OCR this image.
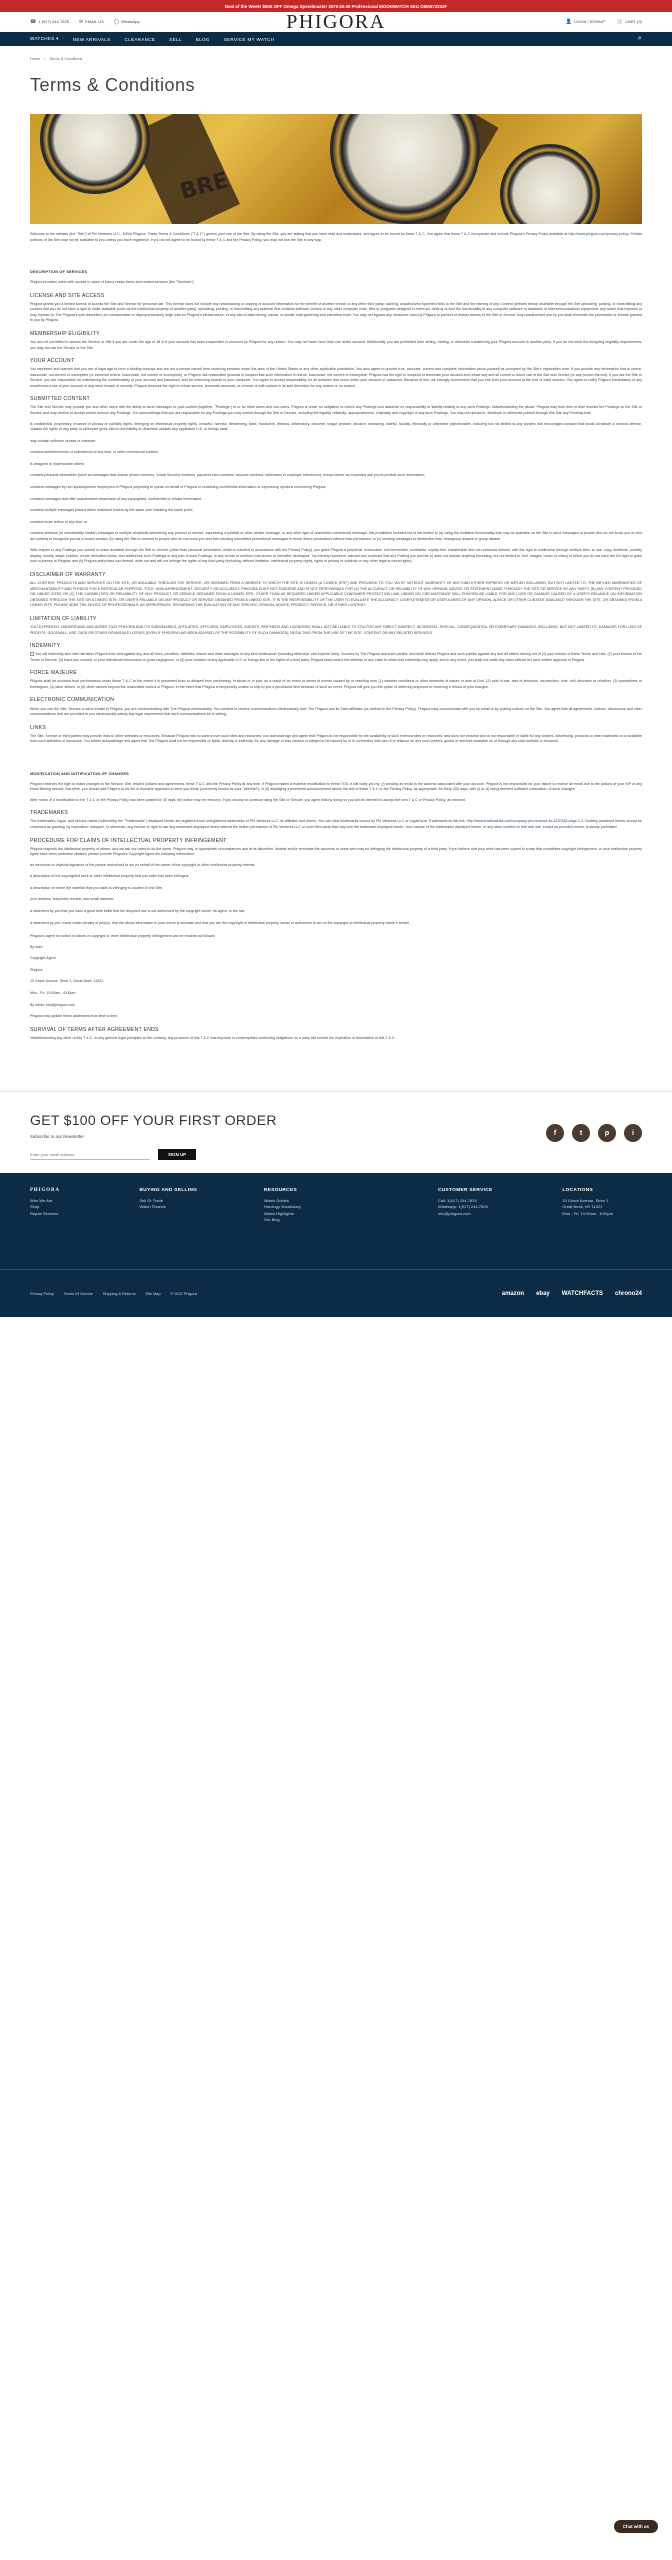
Deal of the Week! $500 OFF Omega Speedmaster 3570.50.00 Professional MOONWATCH SKU OM0572202F
☎ 1 (917) 244-7825 ✉ EMAIL US ◯ WhatsApp	PHIGORA	👤 LOGIN / SIGNUP 🛒 CART (0)
WATCHES ▾	NEW ARRIVALS	CLEARANCE	SELL	BLOG	SERVICE MY WATCH	⌕
Home › Terms & Conditions
Terms & Conditions
BRE

Welcome to the website (the "Site") of Phi Ventures LLC., D/B/A Phigora. These Terms & Conditions ("T & C") govern your use of the Site. By using the Site, you are stating that you have read and understand, and agree to be bound by these T & C. You agree that these T & C incorporate and include Phigora's Privacy Policy available at http://www.phigora.com/privacy-policy. Certain portions of the Site may not be available to you unless you have registered. If you do not agree to be bound by these T & C and the Privacy Policy, you may not use the Site in any way.

DESCRIPTION OF SERVICES

Phigora provides users with access to sales of luxury resale items and related services (the "Services").

LICENSE AND SITE ACCESS

Phigora grants you a limited license to access the Site and Service for personal use. This license does not include any downloading or copying of account information for the benefit of another vendor or any other third party; caching, unauthorized hypertext links to the Site and the framing of any Content (defined below) available through the Site uploading, posting, or transmitting any content that you do not have a right to make available (such as the intellectual property of another party); uploading, posting, or transmitting any material that contains software viruses or any other computer code, files or programs designed to interrupt, destroy or limit the functionality of any computer software or hardware or telecommunications equipment; any action that imposes or may impose (in The Phigora's sole discretion) an unreasonable or disproportionately large load on Phigora's infrastructure; or any use of data mining, robots, or similar data gathering and extraction tools. You may not bypass any measures used by Phigora to prevent or restrict access to the Site or Service. Any unauthorized use by you shall terminate the permission or license granted to you by Phigora.

MEMBERSHIP ELIGIBILITY

You are not permitted to access the Service or Site if you are under the age of 18 or if your account has been suspended or removed by Phigora for any reason. You may not have more than one active account. Additionally, you are prohibited from selling, trading, or otherwise transferring your Phigora account to another party. If you do not meet the foregoing eligibility requirements, you may not use the Service or the Site.

YOUR ACCOUNT

You represent and warrant that you are of legal age to form a binding contract and are not a person barred from receiving services under the laws of the United States or any other applicable jurisdiction. You also agree to provide true, accurate, current and complete information about yourself as prompted by the Site's registration form. If you provide any information that is untrue, inaccurate, not current or incomplete (or becomes untrue, inaccurate, not current or incomplete), or Phigora has reasonable grounds to suspect that such information is untrue, inaccurate, not current or incomplete, Phigora has the right to suspend or terminate your account and refuse any and all current or future use of the Site and Service (or any portion thereof). If you use the Site or Service, you are responsible for maintaining the confidentiality of your account and password, and for restricting access to your computer. You agree to accept responsibility for all activities that occur under your account or password. Because of this, we strongly recommend that you exit from your account at the end of each session. You agree to notify Phigora immediately of any unauthorized use of your account or any other breach of security. Phigora reserves the right to refuse service, terminate accounts, or remove or edit content in its sole discretion for any reason or no reason.

SUBMITTED CONTENT

The Site and Service may provide you and other users with the ability to send messages or post content (together, "Postings") to or for other users and non-users. Phigora is under no obligation to review any Postings and assumes no responsibility or liability relating to any such Postings. Notwithstanding the above, Phigora may from time to time monitor the Postings on the Site or Service and may decline to accept and/or remove any Postings. You acknowledge that you are responsible for any Postings you may submit through the Site or Service, including the legality, reliability, appropriateness, originality and copyright of any such Postings. You may not upload to, distribute or otherwise publish through this Site any Postings that:

is confidential, proprietary, invasive of privacy or publicity rights, infringing on intellectual property rights, unlawful, harmful, threatening, false, fraudulent, libelous, defamatory, obscene, vulgar, profane, abusive, harassing, hateful, racially, ethnically or otherwise objectionable, including but not limited to any content that encourages conduct that would constitute a criminal offense, violates the rights of any party or otherwise gives rise to civil liability or otherwise violates any applicable U.S. or foreign laws;

may contain software viruses or malware;

contains advertisements or solicitations of any kind, or other commercial content;

is designed to impersonate others;

contains personal information (such as messages that include phone numbers, Social Security numbers, payment card numbers, account numbers, addresses or employer references), except where we expressly ask you to provide such information;

contains messages by non-spokesperson employees of Phigora purporting to speak on behalf of Phigora or containing confidential information or expressing opinions concerning Phigora;

contains messages that offer unauthorized downloads of any copyrighted, confidential or private information;

contains multiple messages placed within individual folders by the same user restating the same point;

contains chain letters of any kind; or

contains identical (or substantially similar) messages to multiple recipients advertising any product or service, expressing a political or other similar message, or any other type of unsolicited commercial message; this prohibition includes but is not limited to (a) using the invitation functionality that may be available on the Site to send messages to people who do not know you or who are unlikely to recognize you as a known contact; (b) using the Site to connect to people who do not know you and then sending unsolicited promotional messages to those direct connections without their permission; or (c) sending messages to distribution lists, newsgroup aliases or group aliases.

With respect to any Postings you submit or make available through the Site or Service (other than personal information, which is handled in accordance with the Privacy Policy), you grant Phigora a perpetual, irrevocable, non-terminable, worldwide, royalty-free, transferable and non-exclusive license, with the right to sublicense through multiple tiers, to use, copy, distribute, publicly display, modify, adapt, publish, create derivative works, and sublicense such Postings or any part of such Postings, in any format or medium now known or hereafter developed. You hereby represent, warrant and covenant that any Posting you provide (i) does not include anything (including, but not limited to, text, images, music or video) to which you do not have the full right to grant such a license to Phigora; and (ii) Phigora authorized use thereof, does not and will not infringe the rights of any third party (including, without limitation, intellectual property rights, rights of privacy or publicity or any other legal or moral rights).

DISCLAIMER OF WARRANTY

ALL CONTENT, PRODUCTS AND SERVICES ON THE SITE, OR AVAILABLE THROUGH THE SERVICE, OR OBTAINED FROM A WEBSITE TO WHICH THE SITE IS LINKED (A "LINKED SITE") ARE PROVIDED TO YOU "AS IS" WITHOUT WARRANTY OF ANY KIND EITHER EXPRESS OR IMPLIED INCLUDING, BUT NOT LIMITED TO, THE IMPLIED WARRANTIES OF MERCHANTABILITY AND FITNESS FOR A PARTICULAR PURPOSE, TITLE, NON-INFRINGEMENT, SECURITY OR ACCURACY. PHIGORA DOES NOT ENDORSE AND IS NOT RESPONSIBLE FOR (A) THE ACCURACY OR RELIABILITY OF ANY OPINION, ADVICE OR STATEMENT MADE THROUGH THE SITE OR SERVICE BY ANY PARTY, (B) ANY CONTENT PROVIDED ON LINKED SITES OR (C) THE CAPABILITIES OR RELIABILITY OF ANY PRODUCT OR SERVICE OBTAINED FROM A LINKED SITE. OTHER THAN AS REQUIRED UNDER APPLICABLE CONSUMER PROTECTION LAW, UNDER NO CIRCUMSTANCE WILL PHIGORA BE LIABLE FOR ANY LOSS OR DAMAGE CAUSED BY A USER'S RELIANCE ON INFORMATION OBTAINED THROUGH THE SITE OR A LINKED SITE, OR USER'S RELIANCE ON ANY PRODUCT OR SERVICE OBTAINED FROM A LINKED SITE. IT IS THE RESPONSIBILITY OF THE USER TO EVALUATE THE ACCURACY, COMPLETENESS OR USEFULNESS OF ANY OPINION, ADVICE OR OTHER CONTENT AVAILABLE THROUGH THE SITE, OR OBTAINED FROM A LINKED SITE. PLEASE SEEK THE ADVICE OF PROFESSIONALS, AS APPROPRIATE, REGARDING THE EVALUATION OF ANY SPECIFIC OPINION, ADVICE, PRODUCT, SERVICE, OR OTHER CONTENT.

LIMITATION OF LIABILITY

YOU EXPRESSLY UNDERSTAND AND AGREE THAT PHIGORA AND ITS SUBSIDIARIES, AFFILIATES, OFFICERS, EMPLOYEES, AGENTS, PARTNERS AND LICENSORS SHALL NOT BE LIABLE TO YOU FOR ANY DIRECT, INDIRECT, INCIDENTAL, SPECIAL, CONSEQUENTIAL OR EXEMPLARY DAMAGES, INCLUDING, BUT NOT LIMITED TO, DAMAGES FOR LOSS OF PROFITS, GOODWILL, USE, DATA OR OTHER INTANGIBLE LOSSES (EVEN IF PHIGORA HAS BEEN ADVISED OF THE POSSIBILITY OF SUCH DAMAGES), RESULTING FROM THE USE OF THE SITE, CONTENT OR ANY RELATED SERVICES.

INDEMNITY

You will indemnify and hold harmless Phigora from and against any and all fines, penalties, liabilities, losses and other damages of any kind whatsoever (including attorneys' and experts' fees), incurred by The Phigora and such parties, and shall defend Phigora and such parties against any and all claims arising out of (1) your breach of these Terms and Use; (2) your breach of the Terms of Service; (4) fraud you commit, or your intentional misconduct or gross negligence; or (5) your violation of any applicable U.S. or foreign law or the rights of a third party. Phigora shall control the defense of any claim to which this indemnity may apply, and in any event, you shall not settle any claim without the prior written approval of Phigora.

FORCE MAJEURE

Phigora shall be excused from performance under these T & C to the extent it is prevented from or delayed from performing, in whole or in part, as a result of an event or series of events caused by or resulting from (1) weather conditions or other elements of nature or acts of God, (2) acts of war, acts of terrorism, insurrection, riots, civil disorders or rebellion, (3) quarantines or embargoes, (4) labor strikes, or (5) other causes beyond the reasonable control of Phigora. In the event that Phigora is temporarily unable to ship to you a purchased item because of such an event, Phigora will give you the option of deferring shipment or receiving a refund of your charges.

ELECTRONIC COMMUNICATION

When you use the Site, Service or send emails to Phigora, you are communicating with The Phigora electronically. You consent to receive communications electronically from The Phigora and its Sites affiliates (as defined in the Privacy Policy). Phigora may communicate with you by email or by posting notices on the Site. You agree that all agreements, notices, disclosures and other communications that are provided to you electronically satisfy any legal requirement that such communications be in writing.

LINKS

The Site, Service or third parties may provide links to other websites or resources. Because Phigora has no control over such sites and resources, you acknowledge and agree that Phigora is not responsible for the availability of such external sites or resources, and does not endorse and is not responsible or liable for any content, advertising, products or other materials on or available from such websites or resources. You further acknowledge and agree that The Phigora shall not be responsible or liable, directly or indirectly, for any damage or loss caused or alleged to be caused by or in connection with use of or reliance on any such content, goods or services available on or through any such website or resource.

MODIFICATION AND NOTIFICATION OF CHANGES

Phigora reserves the right to make changes to the Service, Site, related policies and agreements, these T & C and the Privacy Policy at any time. If Phigora makes a material modification to these TOS, it will notify you by: (i) sending an email to the address associated with your account. Phigora is not responsible for your failure to receive an email due to the actions of your ISP or any email filtering service; therefore, you should add Phigora to the list of domains approved to send you email (commonly known as your "whitelist"); or (ii) displaying a prominent announcement above the text of these T & C or the Privacy Policy, as appropriate, for thirty (30) days, with (i) or (ii) being deemed sufficient notification, of such changes.

After notice of a modification to the T & C or the Privacy Policy has been posted for 30 days, the notice may be removed. If you choose to continue using the Site or Service, you agree that by doing so you will be deemed to accept the new T & C or Privacy Policy, as relevant.

TRADEMARKS

The trademarks, logos, and service marks (collectively the "Trademarks") displayed herein are registered and unregistered trademarks of Phi Ventures LLC, its affiliates and others. You can view trademarks owned by Phi Ventures LLC or LegalForce Trademarks at this link: http://www.trademarkia.com/company-phi-ventures-llc-4220185-page-1-2. Nothing contained herein should be construed as granting, by implication, estoppel, or otherwise, any license or right to use any trademark displayed herein without the written permission of Phi Ventures LLC or such third party that may own the trademark displayed herein. Your misuse of the trademarks displayed herein, or any other content on this web site, except as provided herein, is strictly prohibited.

PROCEDURE FOR CLAIMS OF INTELLECTUAL PROPERTY INFRINGEMENT

Phigora respects the intellectual property of others, and we ask our users to do the same. Phigora may, in appropriate circumstances and at its discretion, disable and/or terminate the accounts of users who may be infringing the intellectual property of a third party. If you believe that your work has been copied in a way that constitutes copyright infringement, or your intellectual property rights have been otherwise violated, please provide Phigora's Copyright Agent the following information:

an electronic or physical signature of the person authorized to act on behalf of the owner of the copyright or other intellectual property interest;

a description of the copyrighted work or other intellectual property that you claim has been infringed;

a description of where the material that you claim is infringing is located on the Site;

your address, telephone number, and email address;

a statement by you that you have a good faith belief that the disputed use is not authorized by the copyright owner, its agent, or the law;

a statement by you, made under penalty of perjury, that the above information in your notice is accurate and that you are the copyright or intellectual property owner or authorized to act on the copyright or intellectual property owner's behalf.

Phigora's agent for notice of claims of copyright or other intellectual property infringement can be reached as follows:

By mail:

Copyright Agent

Phigora

10 Grace Avenue, Store 1, Great Neck, 11021

Mon - Fri, 10:00am - 6:00pm

By email: info@phigora.com

Phigora may update these addresses from time to time.

SURVIVAL OF TERMS AFTER AGREEMENT ENDS

Notwithstanding any other of this T & C, or any general legal principles to the contrary, any provision of this T & C that imposes or contemplates continuing obligations on a party will survive the expiration or termination of this T & C.

GET $100 OFF YOUR FIRST ORDER
Subscribe to our Newsletter
Enter your email address
SIGN UP
f	t	p	i
PHIGORA
Who We Are
Shop
Repair Services
BUYING AND SELLING
Sell Or Trade
Watch Finance
RESOURCES
Watch Guides
Horology Vocabulary
Watch Highlights
Our Blog
CUSTOMER SERVICE
Call: 1(917) 244-7825
Whatsapp: 1(917) 244-7825
info@phigora.com
LOCATIONS
10 Grace Avenue, Store 1
Great Neck, NY 11021
Mon - Fri, 10:00am - 6:00pm
Privacy Policy	Terms Of Service	Shipping & Returns	Site Map	© 2022 Phigora	amazon ebay WATCHFACTS chrono24
Chat with us
